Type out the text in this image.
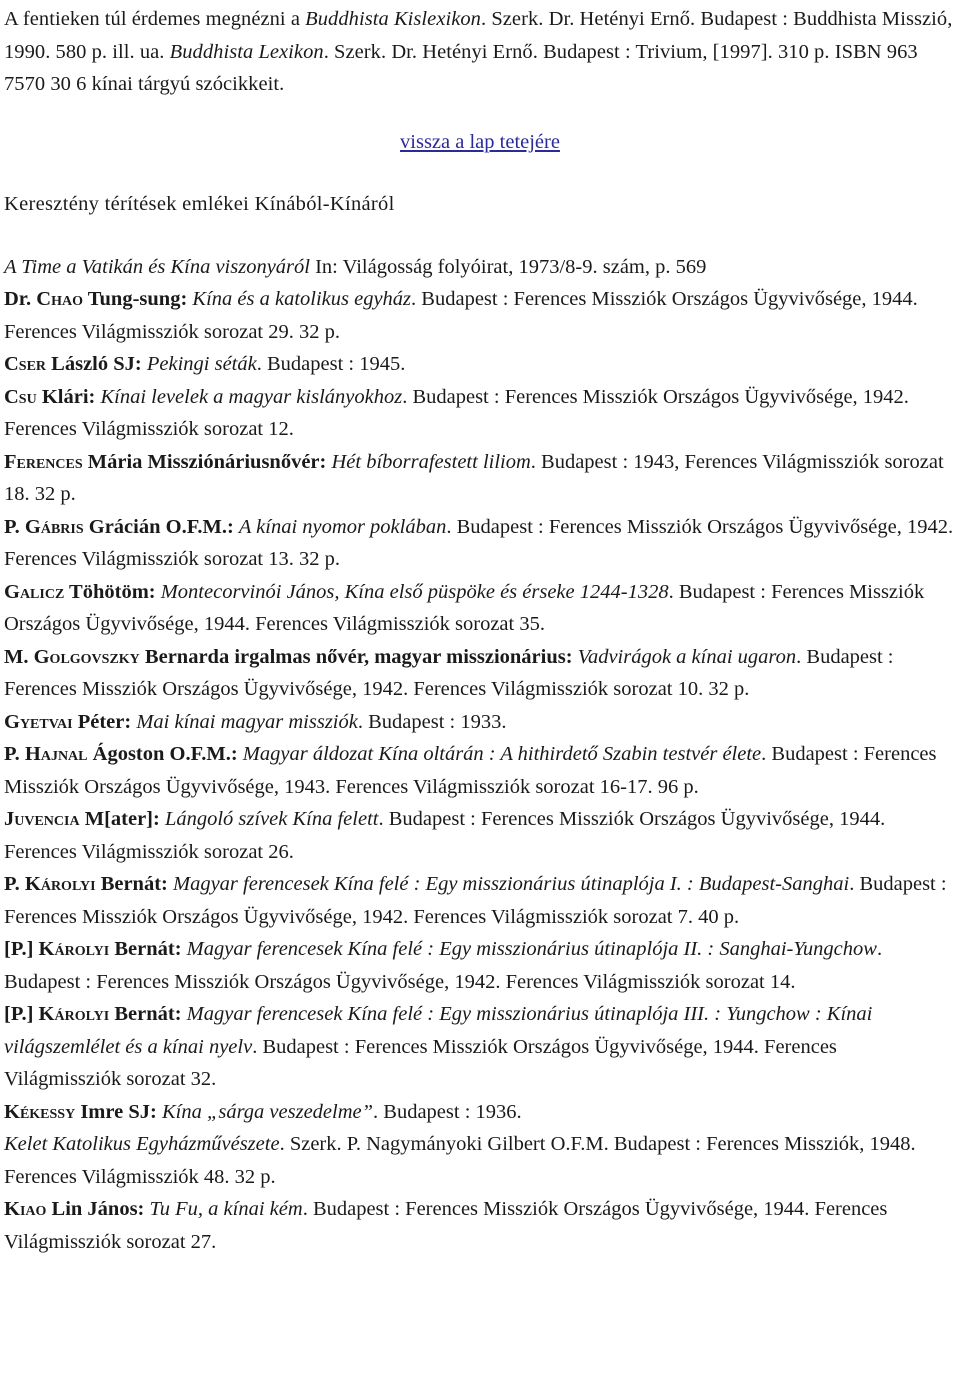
A fentieken túl érdemes megnézni a Buddhista Kislexikon. Szerk. Dr. Hetényi Ernő. Budapest : Buddhista Misszió, 1990. 580 p. ill. ua. Buddhista Lexikon. Szerk. Dr. Hetényi Ernő. Budapest : Trivium, [1997]. 310 p. ISBN 963 7570 30 6 kínai tárgyú szócikkeit.

vissza a lap tetejére
Keresztény térítések emlékei Kínából-Kínáról

A Time a Vatikán és Kína viszonyáról In: Világosság folyóirat, 1973/8-9. szám, p. 569

Dr. Chao Tung-sung: Kína és a katolikus egyház. Budapest : Ferences Missziók Országos Ügyvivősége, 1944. Ferences Világmissziók sorozat 29. 32 p.

Cser László SJ: Pekingi séták. Budapest : 1945.

Csu Klári: Kínai levelek a magyar kislányokhoz. Budapest : Ferences Missziók Országos Ügyvivősége, 1942. Ferences Világmissziók sorozat 12.

Ferences Mária Missziónáriusnővér: Hét bíborrafestett liliom. Budapest : 1943, Ferences Világmissziók sorozat 18. 32 p.

P. Gábris Grácián O.F.M.: A kínai nyomor poklában. Budapest : Ferences Missziók Országos Ügyvivősége, 1942. Ferences Világmissziók sorozat 13. 32 p.

Galicz Töhötöm: Montecorvinói János, Kína első püspöke és érseke 1244-1328. Budapest : Ferences Missziók Országos Ügyvivősége, 1944. Ferences Világmissziók sorozat 35.

M. Golgovszky Bernarda irgalmas nővér, magyar misszionárius: Vadvirágok a kínai ugaron. Budapest : Ferences Missziók Országos Ügyvivősége, 1942. Ferences Világmissziók sorozat 10. 32 p.

Gyetvai Péter: Mai kínai magyar missziók. Budapest : 1933.

P. Hajnal Ágoston O.F.M.: Magyar áldozat Kína oltárán : A hithirdető Szabin testvér élete. Budapest : Ferences Missziók Országos Ügyvivősége, 1943. Ferences Világmissziók sorozat 16-17. 96 p.

Juvencia M[ater]: Lángoló szívek Kína felett. Budapest : Ferences Missziók Országos Ügyvivősége, 1944. Ferences Világmissziók sorozat 26.

P. Károlyi Bernát: Magyar ferencesek Kína felé : Egy misszionárius útinaplója I. : Budapest-Sanghai. Budapest : Ferences Missziók Országos Ügyvivősége, 1942. Ferences Világmissziók sorozat 7. 40 p.

[P.] Károlyi Bernát: Magyar ferencesek Kína felé : Egy misszionárius útinaplója II. : Sanghai-Yungchow. Budapest : Ferences Missziók Országos Ügyvivősége, 1942. Ferences Világmissziók sorozat 14.

[P.] Károlyi Bernát: Magyar ferencesek Kína felé : Egy misszionárius útinaplója III. : Yungchow : Kínai világszemlélet és a kínai nyelv. Budapest : Ferences Missziók Országos Ügyvivősége, 1944. Ferences Világmissziók sorozat 32.

Kékessy Imre SJ: Kína „sárga veszedelme”. Budapest : 1936.

Kelet Katolikus Egyházművészete. Szerk. P. Nagymányoki Gilbert O.F.M. Budapest : Ferences Missziók, 1948. Ferences Világmissziók 48. 32 p.

Kiao Lin János: Tu Fu, a kínai kém. Budapest : Ferences Missziók Országos Ügyvivősége, 1944. Ferences Világmissziók sorozat 27.
